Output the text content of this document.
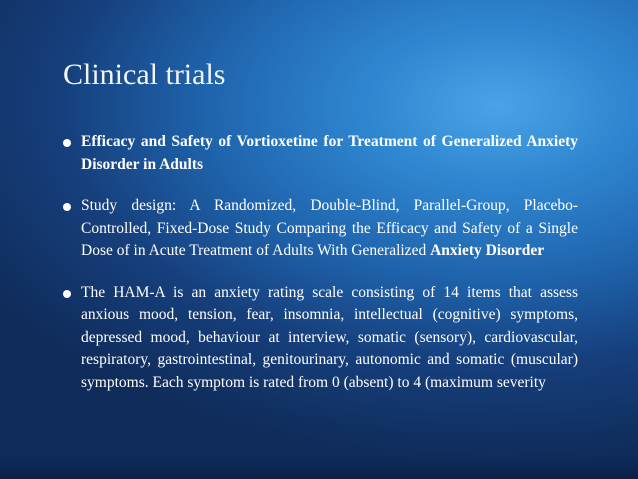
Clinical trials
Efficacy and Safety of Vortioxetine for Treatment of Generalized Anxiety Disorder in Adults
Study design: A Randomized, Double-Blind, Parallel-Group, Placebo-Controlled, Fixed-Dose Study Comparing the Efficacy and Safety of a Single Dose of in Acute Treatment of Adults With Generalized Anxiety Disorder
The HAM-A is an anxiety rating scale consisting of 14 items that assess anxious mood, tension, fear, insomnia, intellectual (cognitive) symptoms, depressed mood, behaviour at interview, somatic (sensory), cardiovascular, respiratory, gastrointestinal, genitourinary, autonomic and somatic (muscular) symptoms. Each symptom is rated from 0 (absent) to 4 (maximum severity
